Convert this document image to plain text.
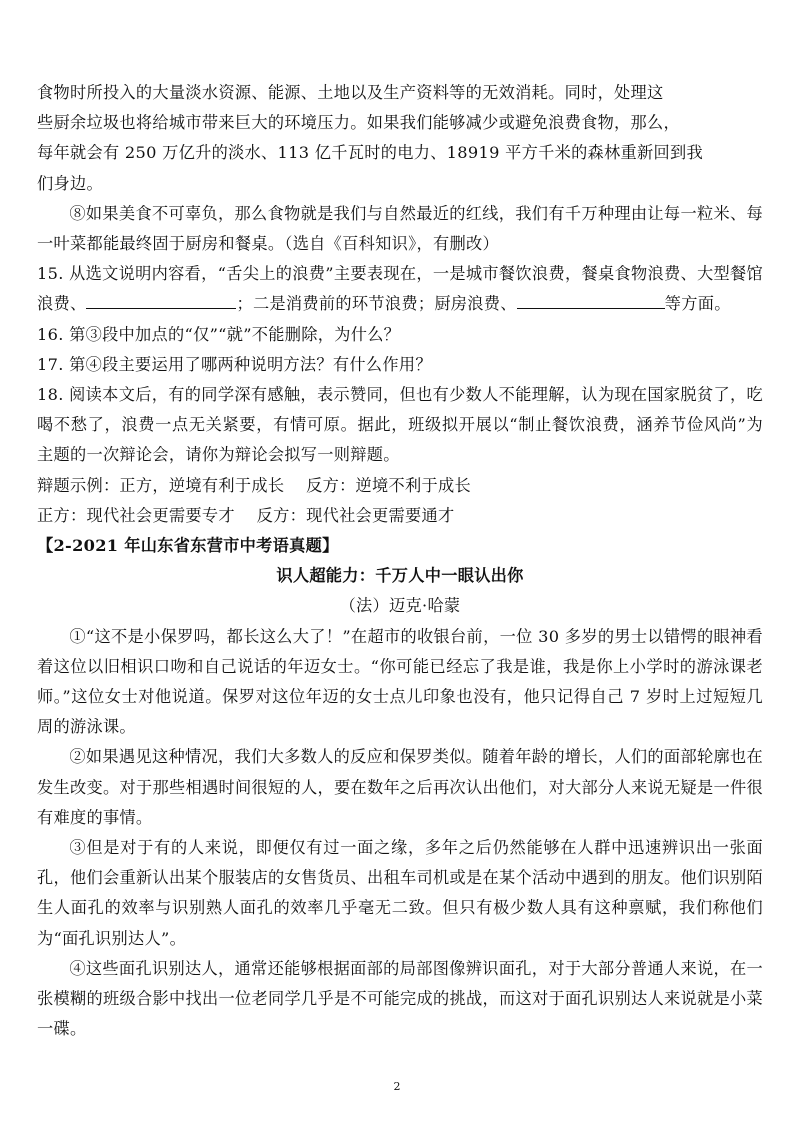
食物时所投入的大量淡水资源、能源、土地以及生产资料等的无效消耗。同时，处理这

些厨余垃圾也将给城市带来巨大的环境压力。如果我们能够减少或避免浪费食物，那么，

每年就会有 250 万亿升的淡水、113 亿千瓦时的电力、18919 平方千米的森林重新回到我

们身边。

⑧如果美食不可辜负，那么食物就是我们与自然最近的红线，我们有千万种理由让每一粒米、每一叶菜都能最终固于厨房和餐桌。（选自《百科知识》，有删改）

15. 从选文说明内容看，“舌尖上的浪费”主要表现在，一是城市餐饮浪费，餐桌食物浪费、大型餐馆浪费、	；二是消费前的环节浪费；厨房浪费、	等方面。

16. 第③段中加点的“仅”“就”不能删除，为什么？

17. 第④段主要运用了哪两种说明方法？有什么作用？

18. 阅读本文后，有的同学深有感触，表示赞同，但也有少数人不能理解，认为现在国家脱贫了，吃喝不愁了，浪费一点无关紧要，有情可原。据此，班级拟开展以“制止餐饮浪费，涵养节俭风尚”为主题的一次辩论会，请你为辩论会拟写一则辩题。

辩题示例：正方，逆境有利于成长    反方：逆境不利于成长

正方：现代社会更需要专才    反方：现代社会更需要通才

【2-2021 年山东省东营市中考语真题】

识人超能力：千万人中一眼认出你

（法）迈克·哈蒙

①“这不是小保罗吗，都长这么大了！”在超市的收银台前，一位 30 多岁的男士以错愕的眼神看着这位以旧相识口吻和自己说话的年迈女士。“你可能已经忘了我是谁，我是你上小学时的游泳课老师。”这位女士对他说道。保罗对这位年迈的女士点儿印象也没有，他只记得自己 7 岁时上过短短几周的游泳课。

②如果遇见这种情况，我们大多数人的反应和保罗类似。随着年龄的增长，人们的面部轮廓也在发生改变。对于那些相遇时间很短的人，要在数年之后再次认出他们，对大部分人来说无疑是一件很有难度的事情。

③但是对于有的人来说，即便仅有过一面之缘，多年之后仍然能够在人群中迅速辨识出一张面孔，他们会重新认出某个服装店的女售货员、出租车司机或是在某个活动中遇到的朋友。他们识别陌生人面孔的效率与识别熟人面孔的效率几乎毫无二致。但只有极少数人具有这种禀赋，我们称他们为“面孔识别达人”。

④这些面孔识别达人，通常还能够根据面部的局部图像辨识面孔，对于大部分普通人来说，在一张模糊的班级合影中找出一位老同学几乎是不可能完成的挑战，而这对于面孔识别达人来说就是小菜一碟。

2
